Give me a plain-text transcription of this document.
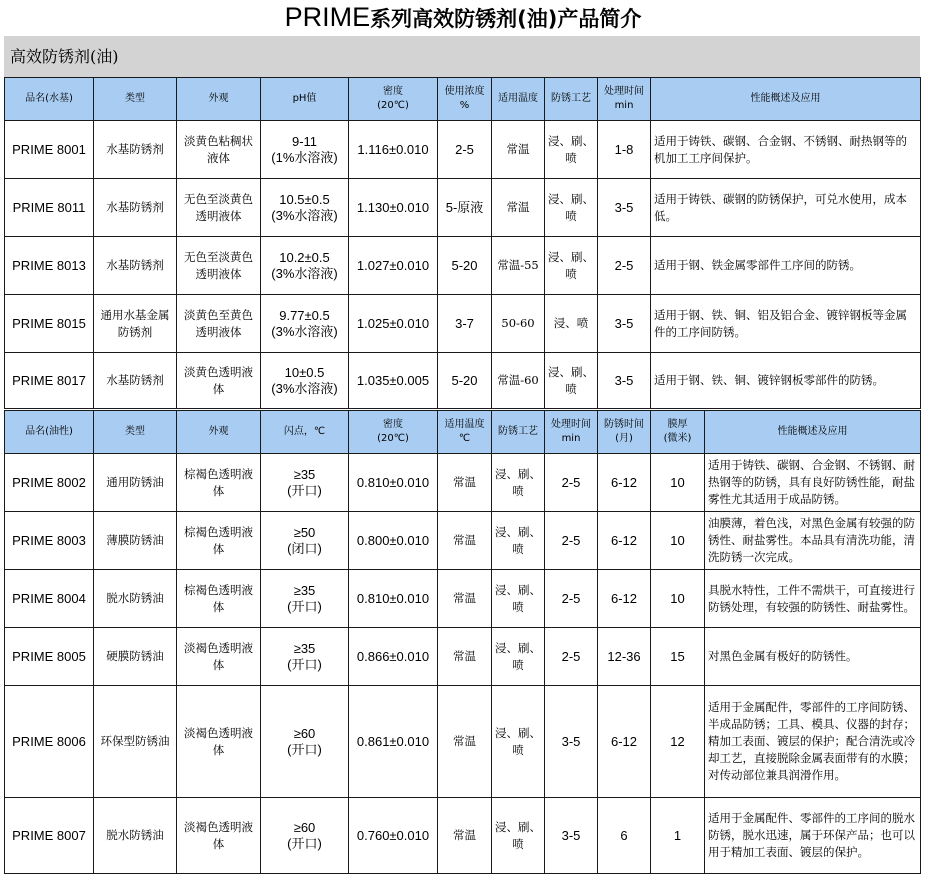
PRIME系列高效防锈剂(油)产品简介
高效防锈剂(油)
品名(水基)	类型	外观	pH值	密度
(20℃)	使用浓度
%	适用温度	防锈工艺	处理时间
min	性能概述及应用
PRIME 8001	水基防锈剂	淡黄色粘稠状液体	9-11
(1%水溶液)	1.116±0.010	2-5	常温	浸、刷、喷	1-8	适用于铸铁、碳钢、合金钢、不锈钢、耐热钢等的机加工工序间保护。
PRIME 8011	水基防锈剂	无色至淡黄色透明液体	10.5±0.5
(3%水溶液)	1.130±0.010	5-原液	常温	浸、刷、喷	3-5	适用于铸铁、碳钢的防锈保护，可兑水使用，成本低。
PRIME 8013	水基防锈剂	无色至淡黄色透明液体	10.2±0.5
(3%水溶液)	1.027±0.010	5-20	常温-55	浸、刷、喷	2-5	适用于钢、铁金属零部件工序间的防锈。
PRIME 8015	通用水基金属防锈剂	淡黄色至黄色透明液体	9.77±0.5
(3%水溶液)	1.025±0.010	3-7	50-60	浸、喷	3-5	适用于钢、铁、铜、铝及铝合金、镀锌钢板等金属件的工序间防锈。
PRIME 8017	水基防锈剂	淡黄色透明液体	10±0.5
(3%水溶液)	1.035±0.005	5-20	常温-60	浸、刷、喷	3-5	适用于钢、铁、铜、镀锌钢板零部件的防锈。
品名(油性)	类型	外观	闪点，℃	密度
(20℃)	适用温度
℃	防锈工艺	处理时间
min	防锈时间
(月)	膜厚
(微米)	性能概述及应用
PRIME 8002	通用防锈油	棕褐色透明液体	≥35
(开口)	0.810±0.010	常温	浸、刷、喷	2-5	6-12	10	适用于铸铁、碳钢、合金钢、不锈钢、耐热钢等的防锈，具有良好防锈性能，耐盐雾性尤其适用于成品防锈。
PRIME 8003	薄膜防锈油	棕褐色透明液体	≥50
(闭口)	0.800±0.010	常温	浸、刷、喷	2-5	6-12	10	油膜薄，着色浅，对黑色金属有较强的防锈性、耐盐雾性。本品具有清洗功能，清洗防锈一次完成。
PRIME 8004	脱水防锈油	棕褐色透明液体	≥35
(开口)	0.810±0.010	常温	浸、刷、喷	2-5	6-12	10	具脱水特性，工件不需烘干，可直接进行防锈处理，有较强的防锈性、耐盐雾性。
PRIME 8005	硬膜防锈油	淡褐色透明液体	≥35
(开口)	0.866±0.010	常温	浸、刷、喷	2-5	12-36	15	对黑色金属有极好的防锈性。
PRIME 8006	环保型防锈油	淡褐色透明液体	≥60
(开口)	0.861±0.010	常温	浸、刷、喷	3-5	6-12	12	适用于金属配件，零部件的工序间防锈、半成品防锈；工具、模具、仪器的封存；精加工表面、镀层的保护；配合清洗或冷却工艺，直接脱除金属表面带有的水膜；对传动部位兼具润滑作用。
PRIME 8007	脱水防锈油	淡褐色透明液体	≥60
(开口)	0.760±0.010	常温	浸、刷、喷	3-5	6	1	适用于金属配件、零部件的工序间的脱水防锈，脱水迅速，属于环保产品；也可以用于精加工表面、镀层的保护。
